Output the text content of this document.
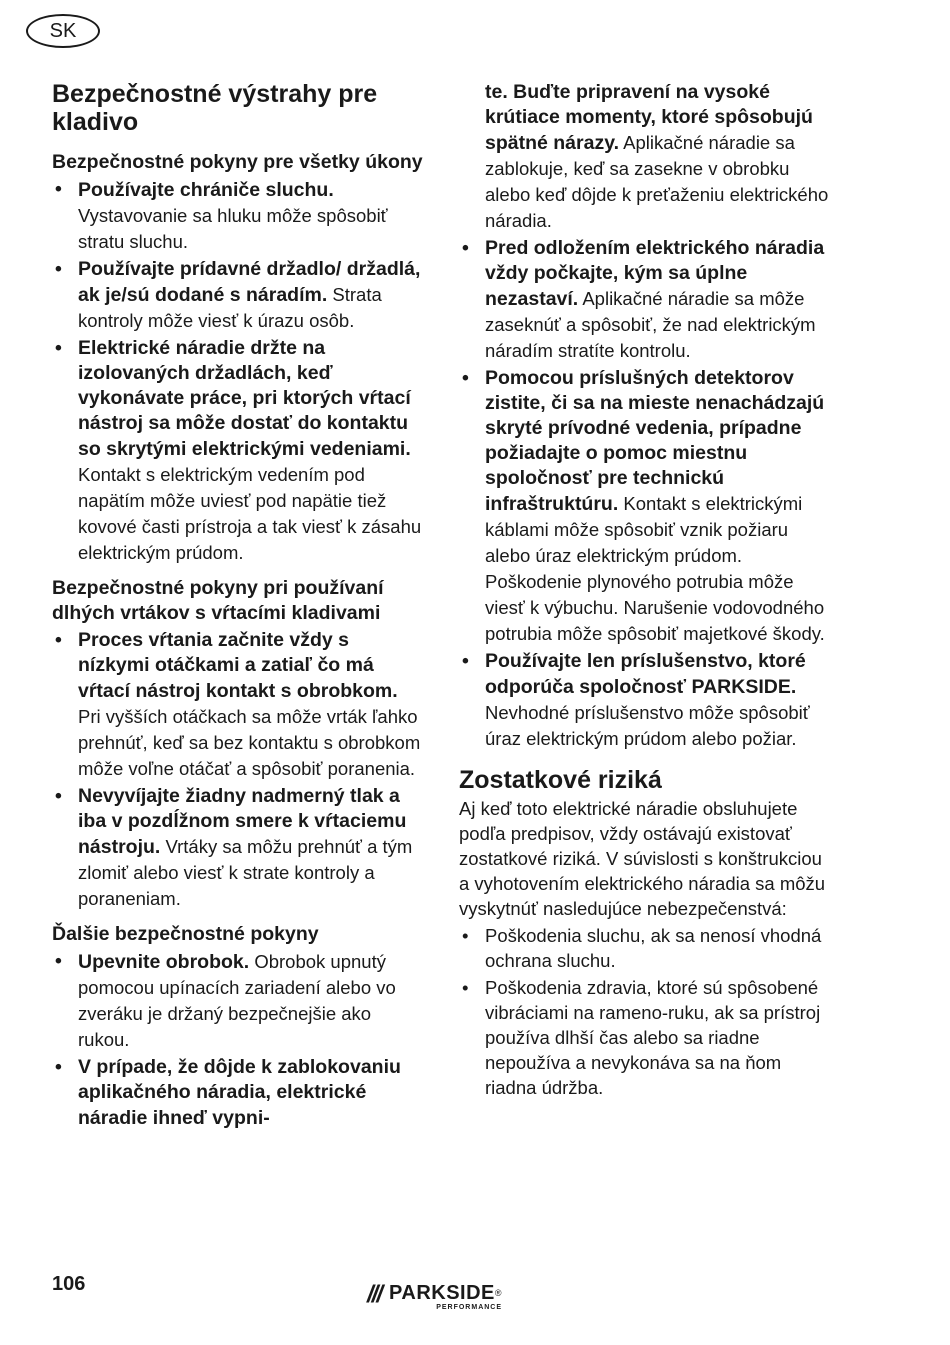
SK
Bezpečnostné výstrahy pre kladivo
Bezpečnostné pokyny pre všetky úkony
• Používajte chrániče sluchu. Vystavovanie sa hluku môže spôsobiť stratu sluchu.
• Používajte prídavné držadlo/ držadlá, ak je/sú dodané s náradím. Strata kontroly môže viesť k úrazu osôb.
• Elektrické náradie držte na izolovaných držadlách, keď vykonávate práce, pri ktorých vŕtací nástroj sa môže dostať do kontaktu so skrytými elektrickými vedeniami. Kontakt s elektrickým vedením pod napätím môže uviesť pod napätie tiež kovové časti prístroja a tak viesť k zásahu elektrickým prúdom.
Bezpečnostné pokyny pri používaní dlhých vrtákov s vŕtacími kladivami
• Proces vŕtania začnite vždy s nízkymi otáčkami a zatiaľ čo má vŕtací nástroj kontakt s obrobkom. Pri vyšších otáčkach sa môže vrták ľahko prehnúť, keď sa bez kontaktu s obrobkom môže voľne otáčať a spôsobiť poranenia.
• Nevyvíjajte žiadny nadmerný tlak a iba v pozdĺžnom smere k vŕtaciemu nástroju. Vrtáky sa môžu prehnúť a tým zlomiť alebo viesť k strate kontroly a poraneniam.
Ďalšie bezpečnostné pokyny
• Upevnite obrobok. Obrobok upnutý pomocou upínacích zariadení alebo vo zveráku je držaný bezpečnejšie ako rukou.
• V prípade, že dôjde k zablokovaniu aplikačného náradia, elektrické náradie ihneď vypni-
te. Buďte pripravení na vysoké krútiace momenty, ktoré spôsobujú spätné nárazy. Aplikačné náradie sa zablokuje, keď sa zasekne v obrobku alebo keď dôjde k preťaženiu elektrického náradia.
• Pred odložením elektrického náradia vždy počkajte, kým sa úplne nezastaví. Aplikačné náradie sa môže zaseknúť a spôsobiť, že nad elektrickým náradím stratíte kontrolu.
• Pomocou príslušných detektorov zistite, či sa na mieste nenachádzajú skryté prívodné vedenia, prípadne požiadajte o pomoc miestnu spoločnosť pre technickú infraštruktúru. Kontakt s elektrickými káblami môže spôsobiť vznik požiaru alebo úraz elektrickým prúdom. Poškodenie plynového potrubia môže viesť k výbuchu. Narušenie vodovodného potrubia môže spôsobiť majetkové škody.
• Používajte len príslušenstvo, ktoré odporúča spoločnosť PARKSIDE. Nevhodné príslušenstvo môže spôsobiť úraz elektrickým prúdom alebo požiar.
Zostatkové riziká

Aj keď toto elektrické náradie obsluhujete podľa predpisov, vždy ostávajú existovať zostatkové riziká. V súvislosti s konštrukciou a vyhotovením elektrického náradia sa môžu vyskytnúť nasledujúce nebezpečenstvá:

• Poškodenia sluchu, ak sa nenosí vhodná ochrana sluchu.
• Poškodenia zdravia, ktoré sú spôsobené vibráciami na rameno-ruku, ak sa prístroj používa dlhší čas alebo sa riadne nepoužíva a nevykonáva sa na ňom riadna údržba.
106	/// PARKSIDE®
PERFORMANCE
